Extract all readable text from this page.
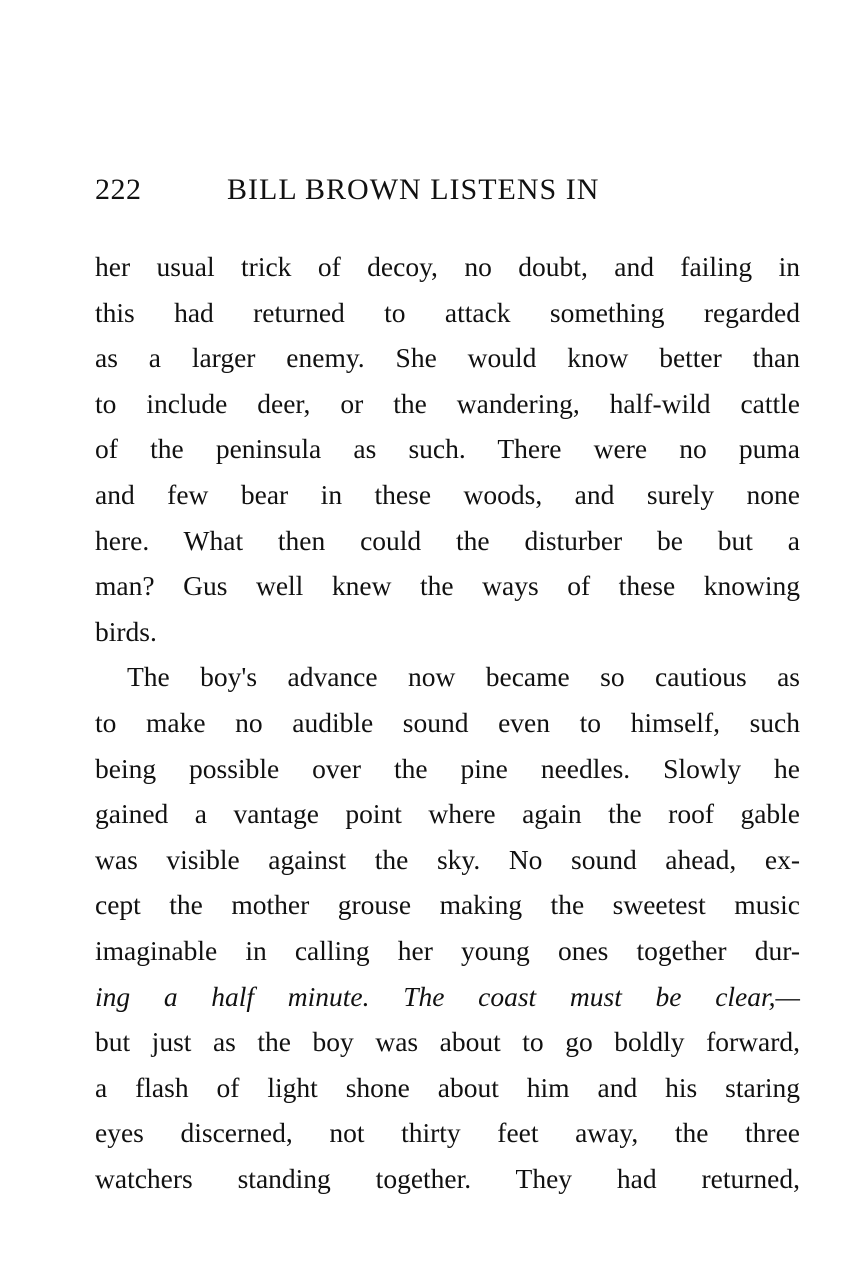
222	BILL BROWN LISTENS IN
her usual trick of decoy, no doubt, and failing in
this had returned to attack something regarded
as a larger enemy. She would know better than
to include deer, or the wandering, half-wild cattle
of the peninsula as such. There were no puma
and few bear in these woods, and surely none
here. What then could the disturber be but a
man? Gus well knew the ways of these knowing
birds.
The boy's advance now became so cautious as
to make no audible sound even to himself, such
being possible over the pine needles. Slowly he
gained a vantage point where again the roof gable
was visible against the sky. No sound ahead, ex-
cept the mother grouse making the sweetest music
imaginable in calling her young ones together dur-
ing a half minute. The coast must be clear,—
but just as the boy was about to go boldly forward,
a flash of light shone about him and his staring
eyes discerned, not thirty feet away, the three
watchers standing together. They had returned,
